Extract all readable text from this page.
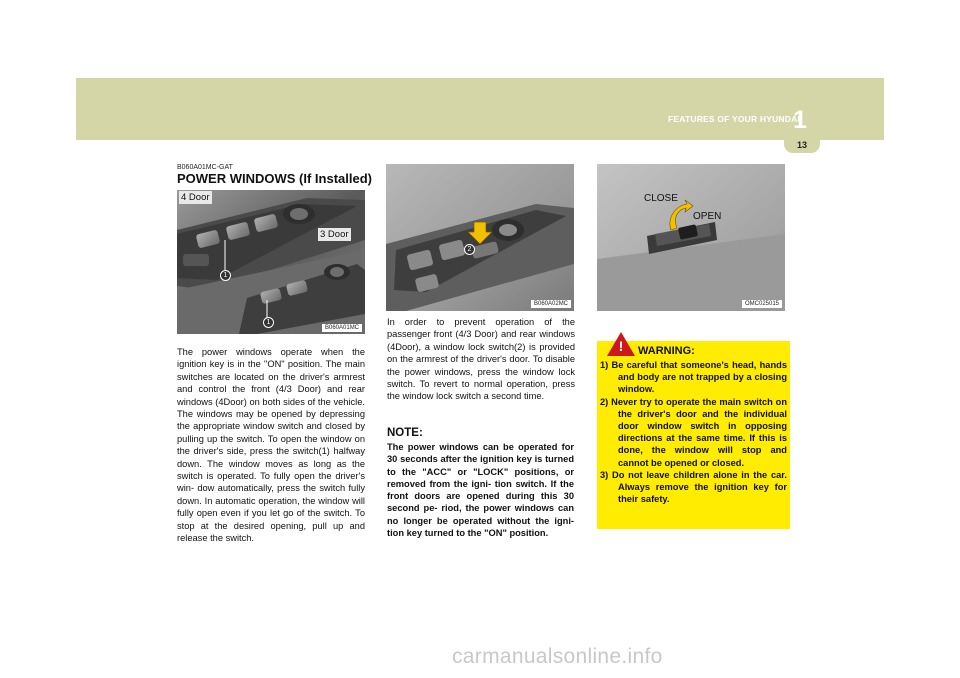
FEATURES OF YOUR HYUNDAI
1
13
B060A01MC-GAT
POWER WINDOWS (If Installed)
4 Door
3 Door
1
1
B060A01MC
2
B060A02MC
CLOSE
OPEN
OMC025015
The power windows operate when the ignition key is in the "ON" position. The main switches are located on the driver's armrest and control the front (4/3 Door) and rear windows (4Door) on both sides of the vehicle. The windows may be opened by depressing the appropriate window switch and closed by pulling up the switch. To open the window on the driver's side, press the switch(1) halfway down. The window moves as long as the switch is operated. To fully open the driver's win- dow automatically, press the switch fully down. In automatic operation, the window will fully open even if you let go of the switch. To stop at the desired opening, pull up and release the switch.
In order to prevent operation of the passenger front (4/3 Door) and rear windows (4Door), a window lock switch(2) is provided on the armrest of the driver's door. To disable the power windows, press the window lock switch. To revert to normal operation, press the window lock switch a second time.
NOTE:
The power windows can be operated for 30 seconds after the ignition key is turned to the "ACC" or "LOCK" positions, or removed from the igni- tion switch. If the front doors are opened during this 30 second pe- riod, the power windows can no longer be operated without the igni- tion key turned to the "ON" position.
WARNING:
1) Be careful that someone's head, hands and body are not trapped by a closing window.
2) Never try to operate the main switch on the driver's door and the individual door window switch in opposing directions at the same time. If this is done, the window will stop and cannot be opened or closed.
3) Do not leave children alone in the car. Always remove the ignition key for their safety.
!
carmanualsonline.info
